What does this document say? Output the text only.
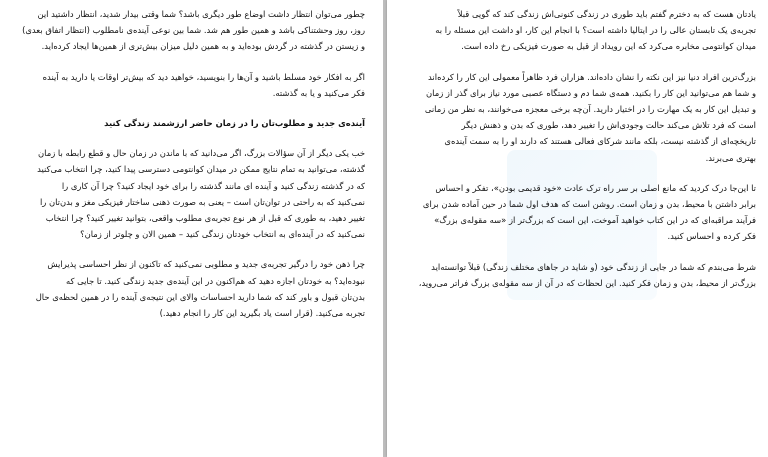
چطور می‌توان انتظار داشت اوضاع طور دیگری باشد؟ شما وقتی بیدار شدید، انتظار داشتید این
روز، روز وحشتناکی باشد و همین طور هم شد. شما بین نوعی آینده‌ی نامطلوب (انتظار اتفاق بعدی)
و زیستن در گذشته در گردش بوده‌اید و به همین دلیل میزان بیش‌تری از همین‌ها ایجاد کرده‌اید.

اگر به افکار خود مسلط باشید و آن‌ها را بنویسید، خواهید دید که بیش‌تر اوقات یا دارید به آینده
فکر می‌کنید و یا به گذشته.

آینده‌ی جدید و مطلوب‌تان را در زمان حاضر ارزشمند زندگی کنید

خب یکی دیگر از آن سؤالات بزرگ، اگر می‌دانید که با ماندن در زمان حال و قطع رابطه با زمان
گذشته، می‌توانید به تمام نتایج ممکن در میدان کوانتومی دسترسی پیدا کنید، چرا انتخاب می‌کنید
که در گذشته زندگی کنید و آینده ای مانند گذشته را برای خود ایجاد کنید؟ چرا آن کاری را
نمی‌کنید که به راحتی در توان‌تان است – یعنی به صورت ذهنی ساختار فیزیکی مغز و بدن‌تان را
تغییر دهید، به طوری که قبل از هر نوع تجربه‌ی مطلوب واقعی، بتوانید تغییر کنید؟ چرا انتخاب
نمی‌کنید که در آینده‌ای به انتخاب خودتان زندگی کنید – همین الان و چلوتر از زمان؟

چرا ذهن خود را درگیر تجربه‌ی جدید و مطلوبی نمی‌کنید که تاکنون از نظر احساسی پذیرایش
نبوده‌اید؟ به خودتان اجازه دهید که هم‌اکنون در این آینده‌ی جدید زندگی کنید. تا جایی که
بدن‌تان قبول و باور کند که شما دارید احساسات والای این نتیجه‌ی آینده را در همین لحظه‌ی حال
تجربه می‌کنید. (قرار است یاد بگیرید این کار را انجام دهید.)

یادتان هست که به دخترم گفتم باید طوری در زندگی کنونی‌اش زندگی کند که گویی قبلاً
تجربه‌ی یک تابستان عالی را در ایتالیا داشته است؟ با انجام این کار، او داشت این مسئله را به
میدان کوانتومی مخابره می‌کرد که این رویداد از قبل به صورت فیزیکی رخ داده است.

بزرگ‌ترین افراد دنیا نیز این نکته را نشان داده‌اند. هزاران فرد ظاهراً معمولی این کار را کرده‌اند
و شما هم می‌توانید این کار را بکنید. همه‌ی شما دم و دستگاه عصبی مورد نیاز برای گذر از زمان
و تبدیل این کار به یک مهارت را در اختیار دارید. آن‌چه برخی معجزه می‌خوانند، به نظر من زمانی
است که فرد تلاش می‌کند حالت وجودی‌اش را تغییر دهد، طوری که بدن و ذهنش دیگر
تاریخچه‌ای از گذشته نیست، بلکه مانند شرکای فعالی هستند که دارند او را به سمت آینده‌ی
بهتری می‌برند.

تا این‌جا درک کردید که مانع اصلی بر سر راه ترک عادت «خود قدیمی بودن»، تفکر و احساس
برابر داشتن با محیط، بدن و زمان است. روشن است که هدف اول شما در حین آماده شدن برای
فرآیند مراقبه‌ای که در این کتاب خواهید آموخت، این است که بزرگ‌تر از «سه مقوله‌ی بزرگ»
فکر کرده و احساس کنید.

شرط می‌بندم که شما در جایی از زندگی خود (و شاید در جاهای مختلف زندگی) قبلاً توانسته‌اید
بزرگ‌تر از محیط، بدن و زمان فکر کنید. این لحظات که در آن از سه مقوله‌ی بزرگ فراتر می‌روید،
